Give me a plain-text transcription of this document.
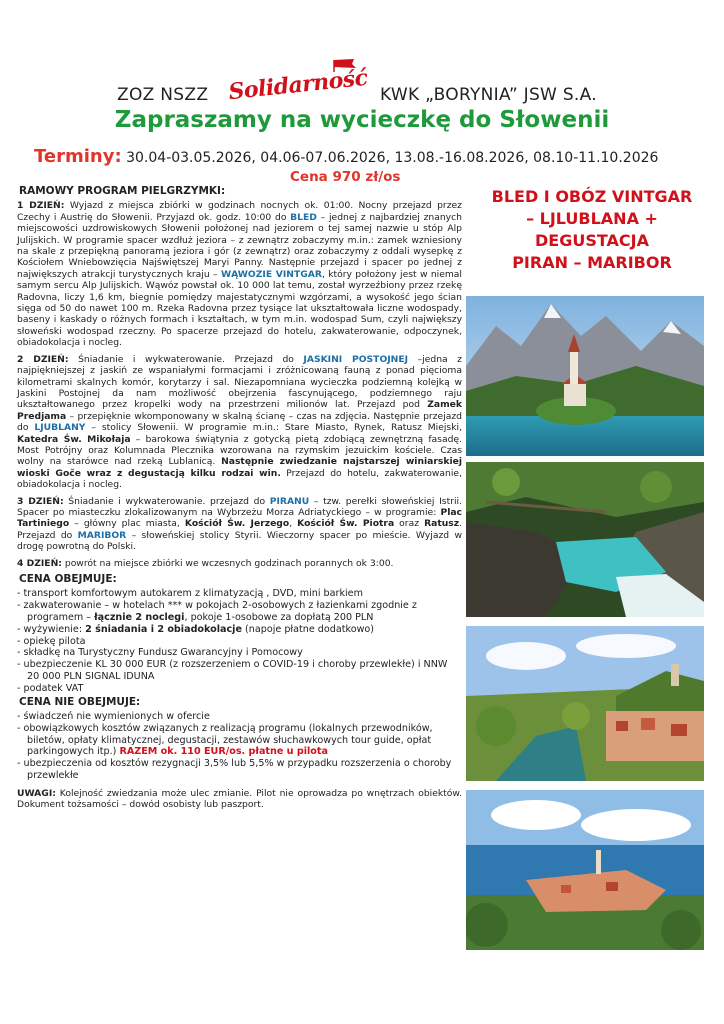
ZOZ NSZZ Solidarność KWK „BORYNIA” JSW S.A.
Zapraszamy na wycieczkę do Słowenii
Terminy: 30.04-03.05.2026, 04.06-07.06.2026, 13.08.-16.08.2026, 08.10-11.10.2026
Cena 970 zł/os
RAMOWY PROGRAM PIELGRZYMKI:

1 DZIEŃ: Wyjazd z miejsca zbiórki w godzinach nocnych ok. 01:00. Nocny przejazd przez Czechy i Austrię do Słowenii. Przyjazd ok. godz. 10:00 do BLED – jednej z najbardziej znanych miejscowości uzdrowiskowych Słowenii położonej nad jeziorem o tej samej nazwie u stóp Alp Julijskich. W programie spacer wzdłuż jeziora – z zewnątrz zobaczymy m.in.: zamek wzniesiony na skale z przepiękną panoramą jeziora i gór (z zewnątrz) oraz zobaczymy z oddali wysepkę z Kościołem Wniebowzięcia Najświętszej Maryi Panny. Następnie przejazd i spacer po jednej z największych atrakcji turystycznych kraju – WĄWOZIE VINTGAR, który położony jest w niemal samym sercu Alp Julijskich. Wąwóz powstał ok. 10 000 lat temu, został wyrzeźbiony przez rzekę Radovna, liczy 1,6 km, biegnie pomiędzy majestatycznymi wzgórzami, a wysokość jego ścian sięga od 50 do nawet 100 m. Rzeka Radovna przez tysiące lat ukształtowała liczne wodospady, baseny i kaskady o różnych formach i kształtach, w tym m.in. wodospad Sum, czyli największy słoweński wodospad rzeczny. Po spacerze przejazd do hotelu, zakwaterowanie, odpoczynek, obiadokolacja i nocleg.

2 DZIEŃ: Śniadanie i wykwaterowanie. Przejazd do JASKINI POSTOJNEJ –jedna z najpiękniejszej z jaskiń ze wspaniałymi formacjami i zróżnicowaną fauną z ponad pięcioma kilometrami skalnych komór, korytarzy i sal. Niezapomniana wycieczka podziemną kolejką w Jaskini Postojnej da nam możliwość obejrzenia fascynującego, podziemnego raju ukształtowanego przez kropelki wody na przestrzeni milionów lat. Przejazd pod Zamek Predjama – przepięknie wkomponowany w skalną ścianę – czas na zdjęcia. Następnie przejazd do LJUBLANY – stolicy Słowenii. W programie m.in.: Stare Miasto, Rynek, Ratusz Miejski, Katedra Św. Mikołaja – barokowa świątynia z gotycką pietą zdobiącą zewnętrzną fasadę. Most Potrójny oraz Kolumnada Plecznika wzorowana na rzymskim jezuickim kościele. Czas wolny na starówce nad rzeką Lublanicą. Następnie zwiedzanie najstarszej winiarskiej wioski Goče wraz z degustacją kilku rodzai win. Przejazd do hotelu, zakwaterowanie, obiadokolacja i nocleg.

3 DZIEŃ: Śniadanie i wykwaterowanie. przejazd do PIRANU – tzw. perełki słoweńskiej Istrii. Spacer po miasteczku zlokalizowanym na Wybrzeżu Morza Adriatyckiego – w programie: Plac Tartiniego – główny plac miasta, Kościół Św. Jerzego, Kościół Św. Piotra oraz Ratusz. Przejazd do MARIBOR – słoweńskiej stolicy Styrii. Wieczorny spacer po mieście. Wyjazd w drogę powrotną do Polski.

4 DZIEŃ: powrót na miejsce zbiórki we wczesnych godzinach porannych ok 3:00.

CENA OBEJMUJE:
- transport komfortowym autokarem z klimatyzacją , DVD, mini barkiem
- zakwaterowanie – w hotelach *** w pokojach 2-osobowych z łazienkami zgodnie z programem – łącznie 2 noclegi, pokoje 1-osobowe za dopłatą 200 PLN
- wyżywienie: 2 śniadania i 2 obiadokolacje (napoje płatne dodatkowo)
- opiekę pilota
- składkę na Turystyczny Fundusz Gwarancyjny i Pomocowy
- ubezpieczenie KL 30 000 EUR (z rozszerzeniem o COVID-19 i choroby przewlekłe) i NNW 20 000 PLN SIGNAL IDUNA
- podatek VAT
CENA NIE OBEJMUJE:
- świadczeń nie wymienionych w ofercie
- obowiązkowych kosztów związanych z realizacją programu (lokalnych przewodników, biletów, opłaty klimatycznej, degustacji, zestawów słuchawkowych tour guide, opłat parkingowych itp.) RAZEM ok. 110 EUR/os. płatne u pilota
- ubezpieczenia od kosztów rezygnacji 3,5% lub 5,5% w przypadku rozszerzenia o choroby przewlekłe

UWAGI: Kolejność zwiedzania może ulec zmianie. Pilot nie oprowadza po wnętrzach obiektów. Dokument tożsamości – dowód osobisty lub paszport.

BLED I OBÓZ VINTGAR
– LJLUBLANA +
DEGUSTACJA
PIRAN – MARIBOR
